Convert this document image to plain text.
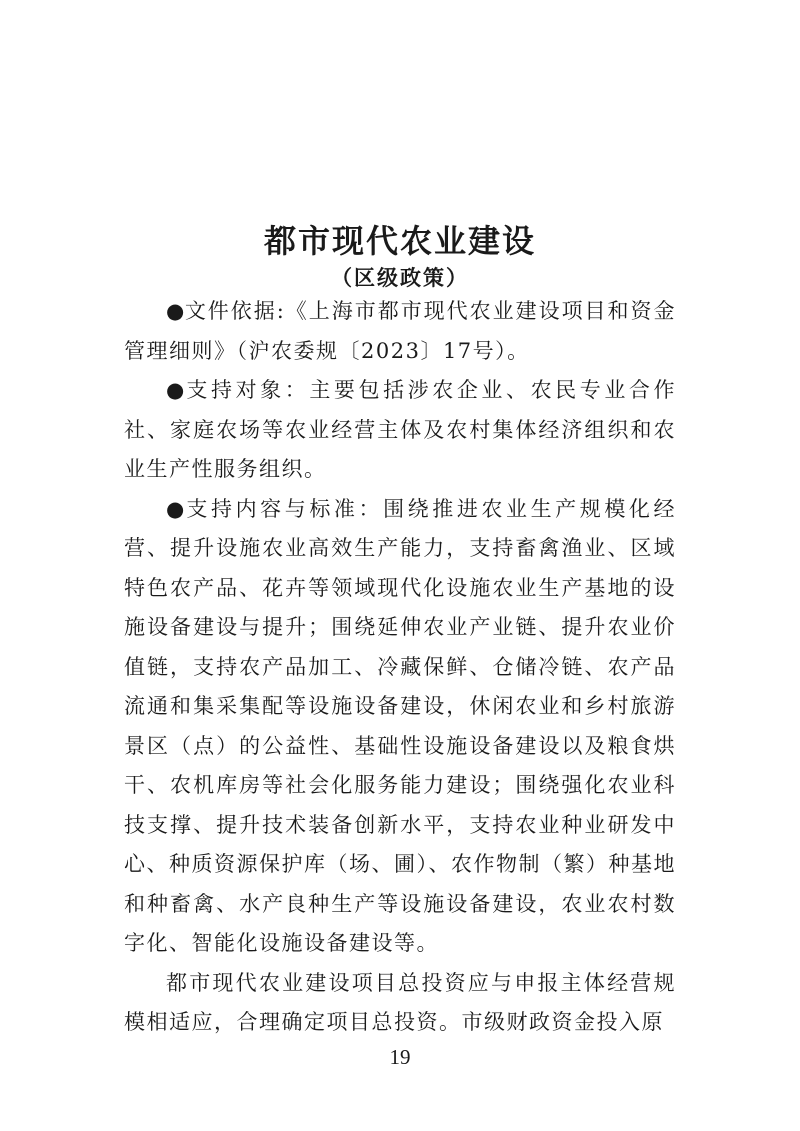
都市现代农业建设
（区级政策）

●文件依据:《上海市都市现代农业建设项目和资金管理细则》（沪农委规〔2023〕17号）。

●支持对象：主要包括涉农企业、农民专业合作社、家庭农场等农业经营主体及农村集体经济组织和农业生产性服务组织。

●支持内容与标准：围绕推进农业生产规模化经营、提升设施农业高效生产能力，支持畜禽渔业、区域特色农产品、花卉等领域现代化设施农业生产基地的设施设备建设与提升；围绕延伸农业产业链、提升农业价值链，支持农产品加工、冷藏保鲜、仓储冷链、农产品流通和集采集配等设施设备建设，休闲农业和乡村旅游景区（点）的公益性、基础性设施设备建设以及粮食烘干、农机库房等社会化服务能力建设；围绕强化农业科技支撑、提升技术装备创新水平，支持农业种业研发中心、种质资源保护库（场、圃）、农作物制（繁）种基地和种畜禽、水产良种生产等设施设备建设，农业农村数字化、智能化设施设备建设等。

都市现代农业建设项目总投资应与申报主体经营规模相适应，合理确定项目总投资。市级财政资金投入原

19
